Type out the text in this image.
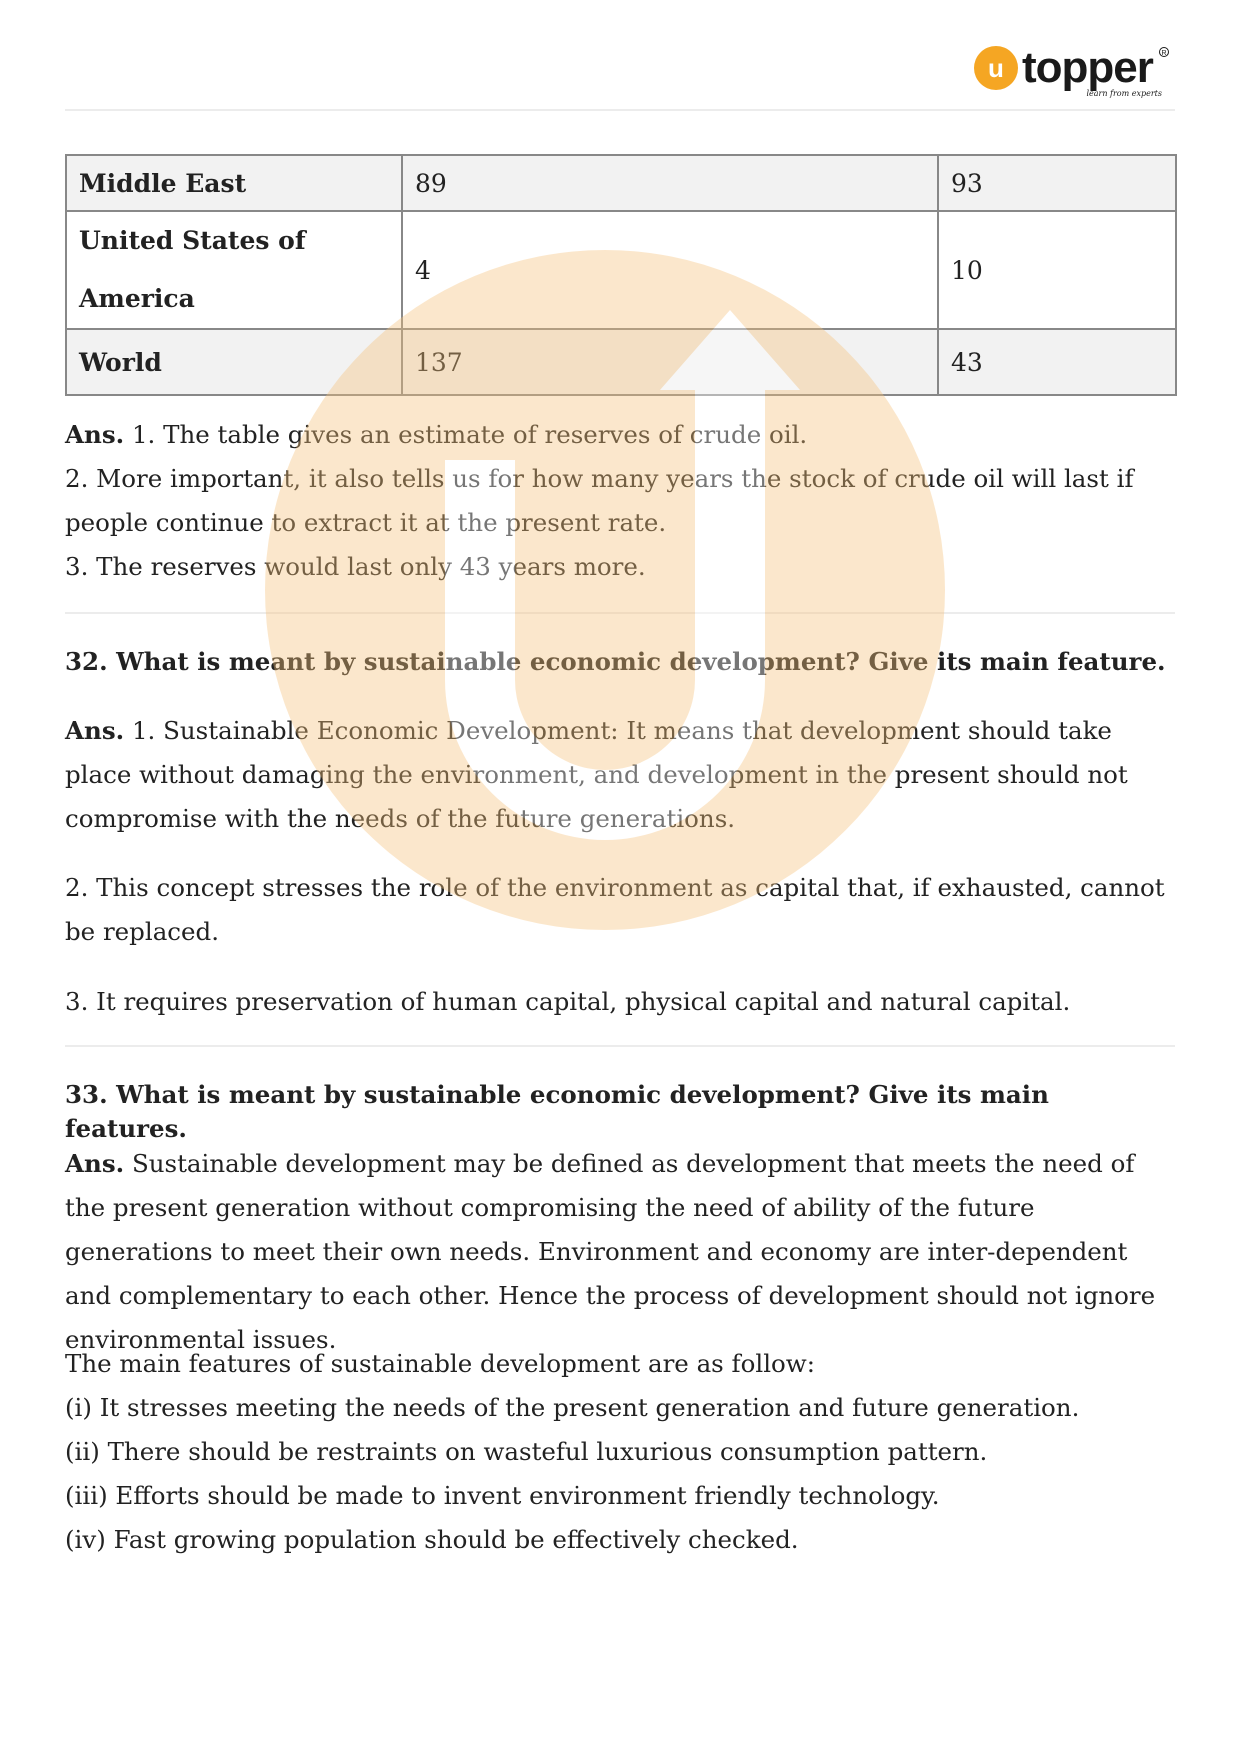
u topper R
learn from experts
Middle East	89	93
United States of America	4	10
World	137	43

Ans. 1. The table gives an estimate of reserves of crude oil.

2. More important, it also tells us for how many years the stock of crude oil will last if people continue to extract it at the present rate.

3. The reserves would last only 43 years more.

32. What is meant by sustainable economic development? Give its main feature.

Ans. 1. Sustainable Economic Development: It means that development should take place without damaging the environment, and development in the present should not compromise with the needs of the future generations.

2. This concept stresses the role of the environment as capital that, if exhausted, cannot be replaced.

3. It requires preservation of human capital, physical capital and natural capital.

33. What is meant by sustainable economic development? Give its main features.

Ans. Sustainable development may be defined as development that meets the need of the present generation without compromising the need of ability of the future generations to meet their own needs. Environment and economy are inter-dependent and complementary to each other. Hence the process of development should not ignore environmental issues.

The main features of sustainable development are as follow:

(i) It stresses meeting the needs of the present generation and future generation.

(ii) There should be restraints on wasteful luxurious consumption pattern.

(iii) Efforts should be made to invent environment friendly technology.

(iv) Fast growing population should be effectively checked.
